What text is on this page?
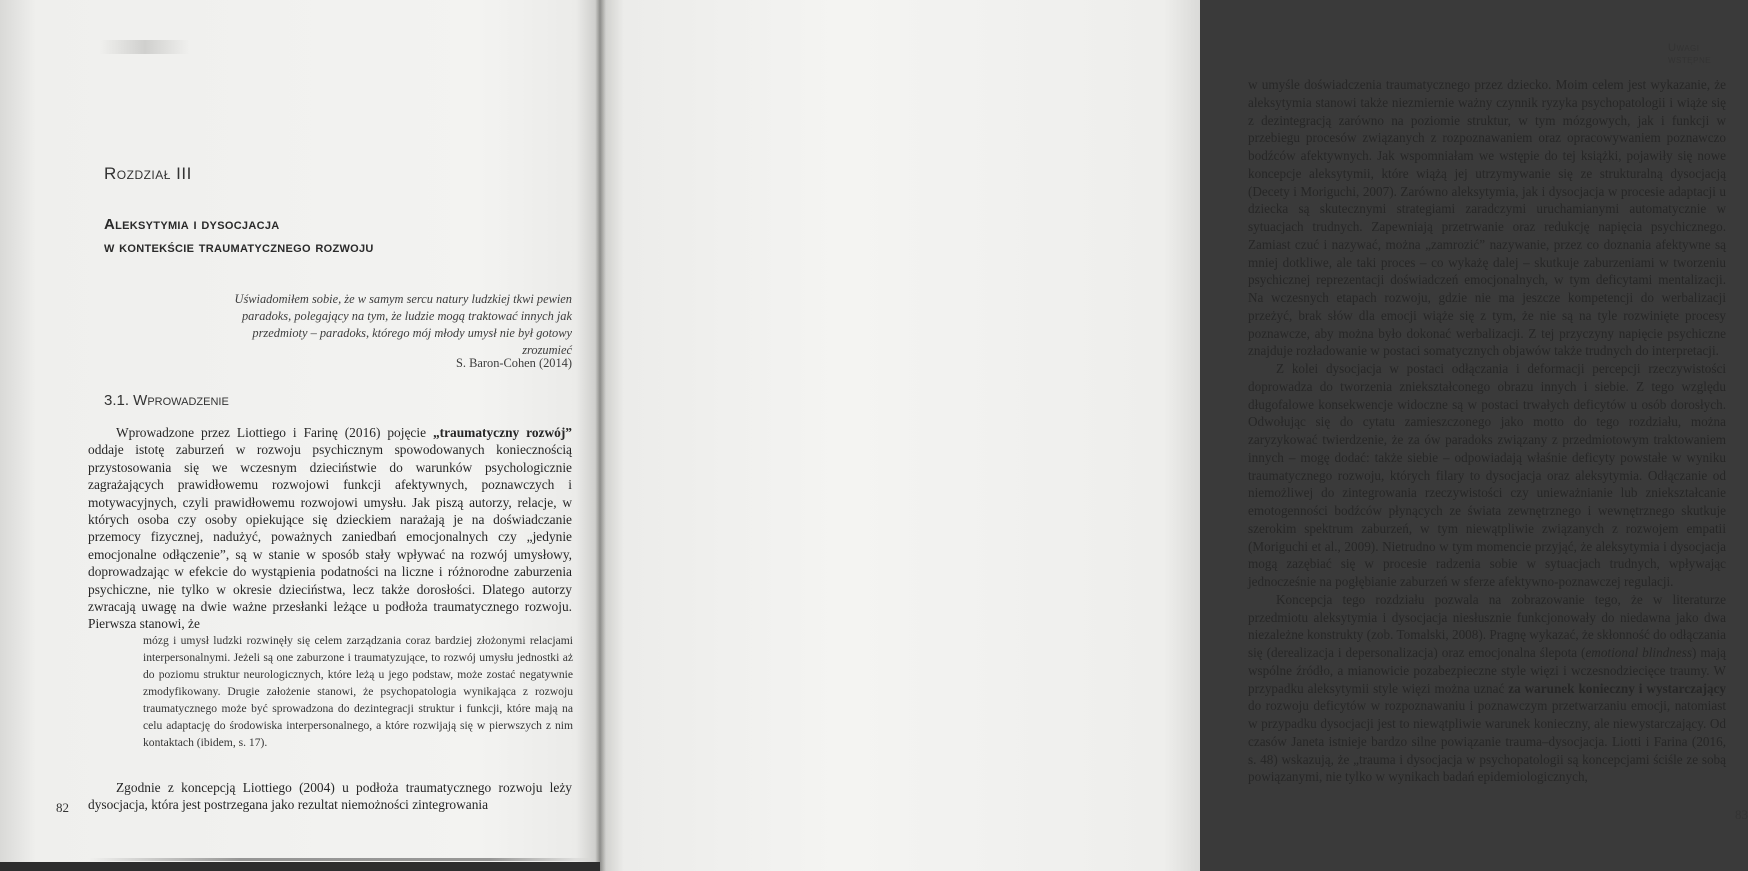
Rozdział III
Aleksytymia i dysocjacja
w kontekście traumatycznego rozwoju
Uświadomiłem sobie, że w samym sercu natury ludzkiej tkwi pewien paradoks, polegający na tym, że ludzie mogą traktować innych jak przedmioty – paradoks, którego mój młody umysł nie był gotowy zrozumieć
S. Baron-Cohen (2014)
3.1. Wprowadzenie

Wprowadzone przez Liottiego i Farinę (2016) pojęcie „traumatyczny rozwój” oddaje istotę zaburzeń w rozwoju psychicznym spowodowanych koniecznością przystosowania się we wczesnym dzieciństwie do warunków psychologicznie zagrażających prawidłowemu rozwojowi funkcji afektywnych, poznawczych i motywacyjnych, czyli prawidłowemu rozwojowi umysłu. Jak piszą autorzy, relacje, w których osoba czy osoby opiekujące się dzieckiem narażają je na doświadczanie przemocy fizycznej, nadużyć, poważnych zaniedbań emocjonalnych czy „jedynie emocjonalne odłączenie”, są w stanie w sposób stały wpływać na rozwój umysłowy, doprowadzając w efekcie do wystąpienia podatności na liczne i różnorodne zaburzenia psychiczne, nie tylko w okresie dzieciństwa, lecz także dorosłości. Dlatego autorzy zwracają uwagę na dwie ważne przesłanki leżące u podłoża traumatycznego rozwoju. Pierwsza stanowi, że

mózg i umysł ludzki rozwinęły się celem zarządzania coraz bardziej złożonymi relacjami interpersonalnymi. Jeżeli są one zaburzone i traumatyzujące, to rozwój umysłu jednostki aż do poziomu struktur neurologicznych, które leżą u jego podstaw, może zostać negatywnie zmodyfikowany. Drugie założenie stanowi, że psychopatologia wynikająca z rozwoju traumatycznego może być sprowadzona do dezintegracji struktur i funkcji, które mają na celu adaptację do środowiska interpersonalnego, a które rozwijają się w pierwszych z nim kontaktach (ibidem, s. 17).

Zgodnie z koncepcją Liottiego (2004) u podłoża traumatycznego rozwoju leży dysocjacja, która jest postrzegana jako rezultat niemożności zintegrowania

82
Uwagi wstępne

w umyśle doświadczenia traumatycznego przez dziecko. Moim celem jest wykazanie, że aleksytymia stanowi także niezmiernie ważny czynnik ryzyka psychopatologii i wiąże się z dezintegracją zarówno na poziomie struktur, w tym mózgowych, jak i funkcji w przebiegu procesów związanych z rozpoznawaniem oraz opracowywaniem poznawczo bodźców afektywnych. Jak wspomniałam we wstępie do tej książki, pojawiły się nowe koncepcje aleksytymii, które wiążą jej utrzymywanie się ze strukturalną dysocjacją (Decety i Moriguchi, 2007). Zarówno aleksytymia, jak i dysocjacja w procesie adaptacji u dziecka są skutecznymi strategiami zaradczymi uruchamianymi automatycznie w sytuacjach trudnych. Zapewniają przetrwanie oraz redukcję napięcia psychicznego. Zamiast czuć i nazywać, można „zamrozić” nazywanie, przez co doznania afektywne są mniej dotkliwe, ale taki proces – co wykażę dalej – skutkuje zaburzeniami w tworzeniu psychicznej reprezentacji doświadczeń emocjonalnych, w tym deficytami mentalizacji. Na wczesnych etapach rozwoju, gdzie nie ma jeszcze kompetencji do werbalizacji przeżyć, brak słów dla emocji wiąże się z tym, że nie są na tyle rozwinięte procesy poznawcze, aby można było dokonać werbalizacji. Z tej przyczyny napięcie psychiczne znajduje rozładowanie w postaci somatycznych objawów także trudnych do interpretacji.

Z kolei dysocjacja w postaci odłączania i deformacji percepcji rzeczywistości doprowadza do tworzenia zniekształconego obrazu innych i siebie. Z tego względu długofalowe konsekwencje widoczne są w postaci trwałych deficytów u osób dorosłych. Odwołując się do cytatu zamieszczonego jako motto do tego rozdziału, można zaryzykować twierdzenie, że za ów paradoks związany z przedmiotowym traktowaniem innych – mogę dodać: także siebie – odpowiadają właśnie deficyty powstałe w wyniku traumatycznego rozwoju, których filary to dysocjacja oraz aleksytymia. Odłączanie od niemożliwej do zintegrowania rzeczywistości czy unieważnianie lub zniekształcanie emotogenności bodźców płynących ze świata zewnętrznego i wewnętrznego skutkuje szerokim spektrum zaburzeń, w tym niewątpliwie związanych z rozwojem empatii (Moriguchi et al., 2009). Nietrudno w tym momencie przyjąć, że aleksytymia i dysocjacja mogą zazębiać się w procesie radzenia sobie w sytuacjach trudnych, wpływając jednocześnie na pogłębianie zaburzeń w sferze afektywno-poznawczej regulacji.

Koncepcja tego rozdziału pozwala na zobrazowanie tego, że w literaturze przedmiotu aleksytymia i dysocjacja niesłusznie funkcjonowały do niedawna jako dwa niezależne konstrukty (zob. Tomalski, 2008). Pragnę wykazać, że skłonność do odłączania się (derealizacja i depersonalizacja) oraz emocjonalna ślepota (emotional blindness) mają wspólne źródło, a mianowicie pozabezpieczne style więzi i wczesnodziecięce traumy. W przypadku aleksytymii style więzi można uznać za warunek konieczny i wystarczający do rozwoju deficytów w rozpoznawaniu i poznawczym przetwarzaniu emocji, natomiast w przypadku dysocjacji jest to niewątpliwie warunek konieczny, ale niewystarczający. Od czasów Janeta istnieje bardzo silne powiązanie trauma–dysocjacja. Liotti i Farina (2016, s. 48) wskazują, że „trauma i dysocjacja w psychopatologii są koncepcjami ściśle ze sobą powiązanymi, nie tylko w wynikach badań epidemiologicznych,

83
